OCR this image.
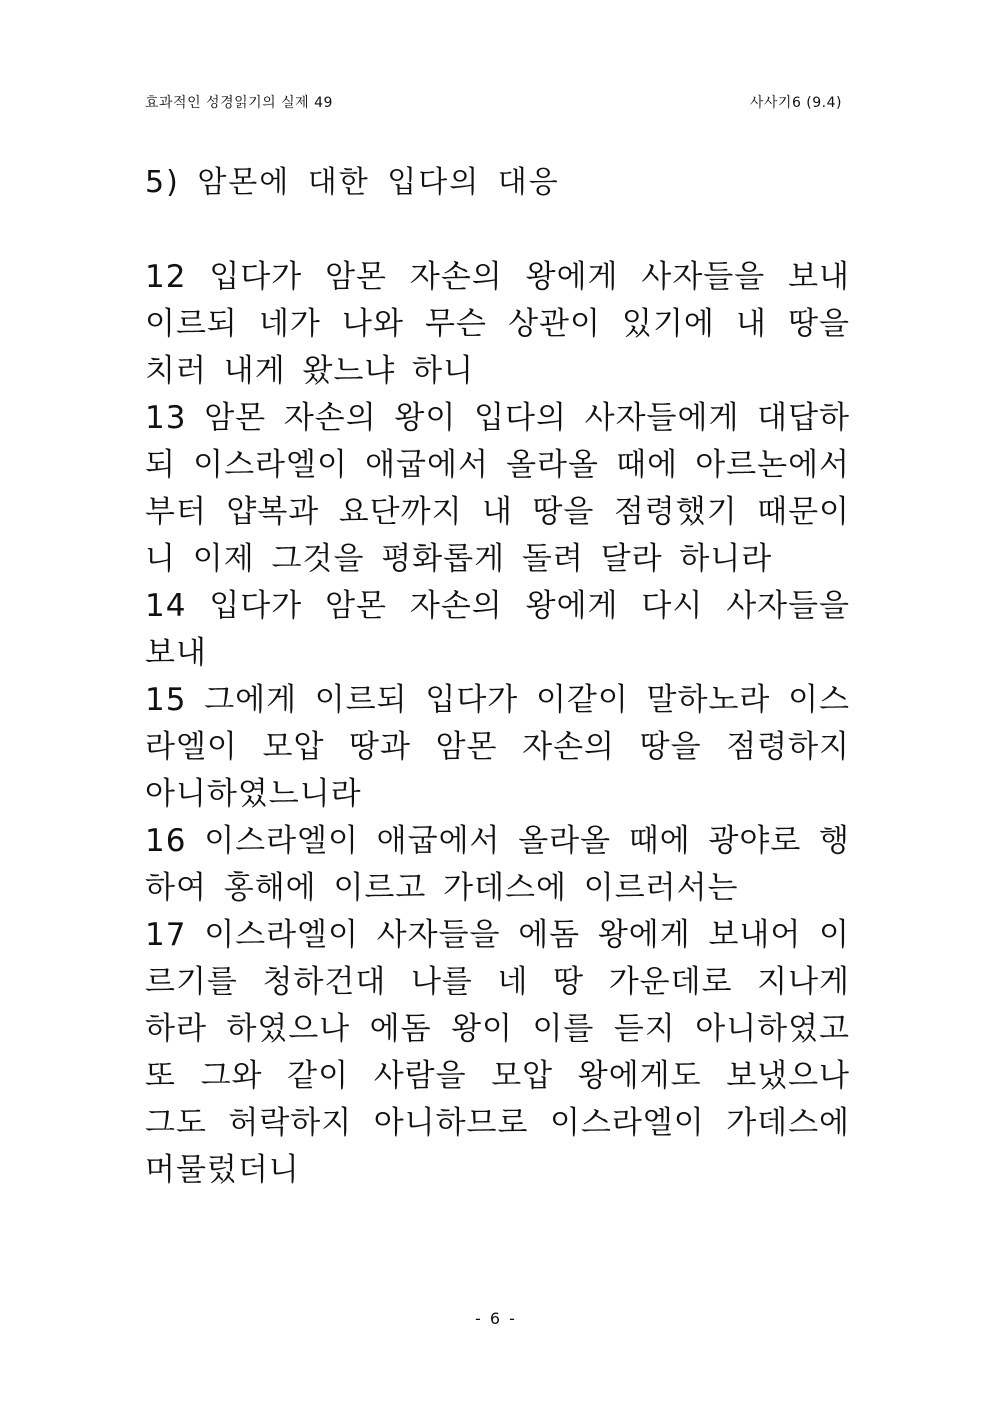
효과적인 성경읽기의 실제 49	사사기6 (9.4)
5) 암몬에 대한 입다의 대응
12 입다가 암몬 자손의 왕에게 사자들을 보내 이르되 네가 나와 무슨 상관이 있기에 내 땅을 치러 내게 왔느냐 하니
13 암몬 자손의 왕이 입다의 사자들에게 대답하되 이스라엘이 애굽에서 올라올 때에 아르논에서부터 얍복과 요단까지 내 땅을 점령했기 때문이니 이제 그것을 평화롭게 돌려 달라 하니라
14 입다가 암몬 자손의 왕에게 다시 사자들을 보내
15 그에게 이르되 입다가 이같이 말하노라 이스라엘이 모압 땅과 암몬 자손의 땅을 점령하지 아니하였느니라
16 이스라엘이 애굽에서 올라올 때에 광야로 행하여 홍해에 이르고 가데스에 이르러서는
17 이스라엘이 사자들을 에돔 왕에게 보내어 이르기를 청하건대 나를 네 땅 가운데로 지나게 하라 하였으나 에돔 왕이 이를 듣지 아니하였고 또 그와 같이 사람을 모압 왕에게도 보냈으나 그도 허락하지 아니하므로 이스라엘이 가데스에 머물렀더니
- 6 -
